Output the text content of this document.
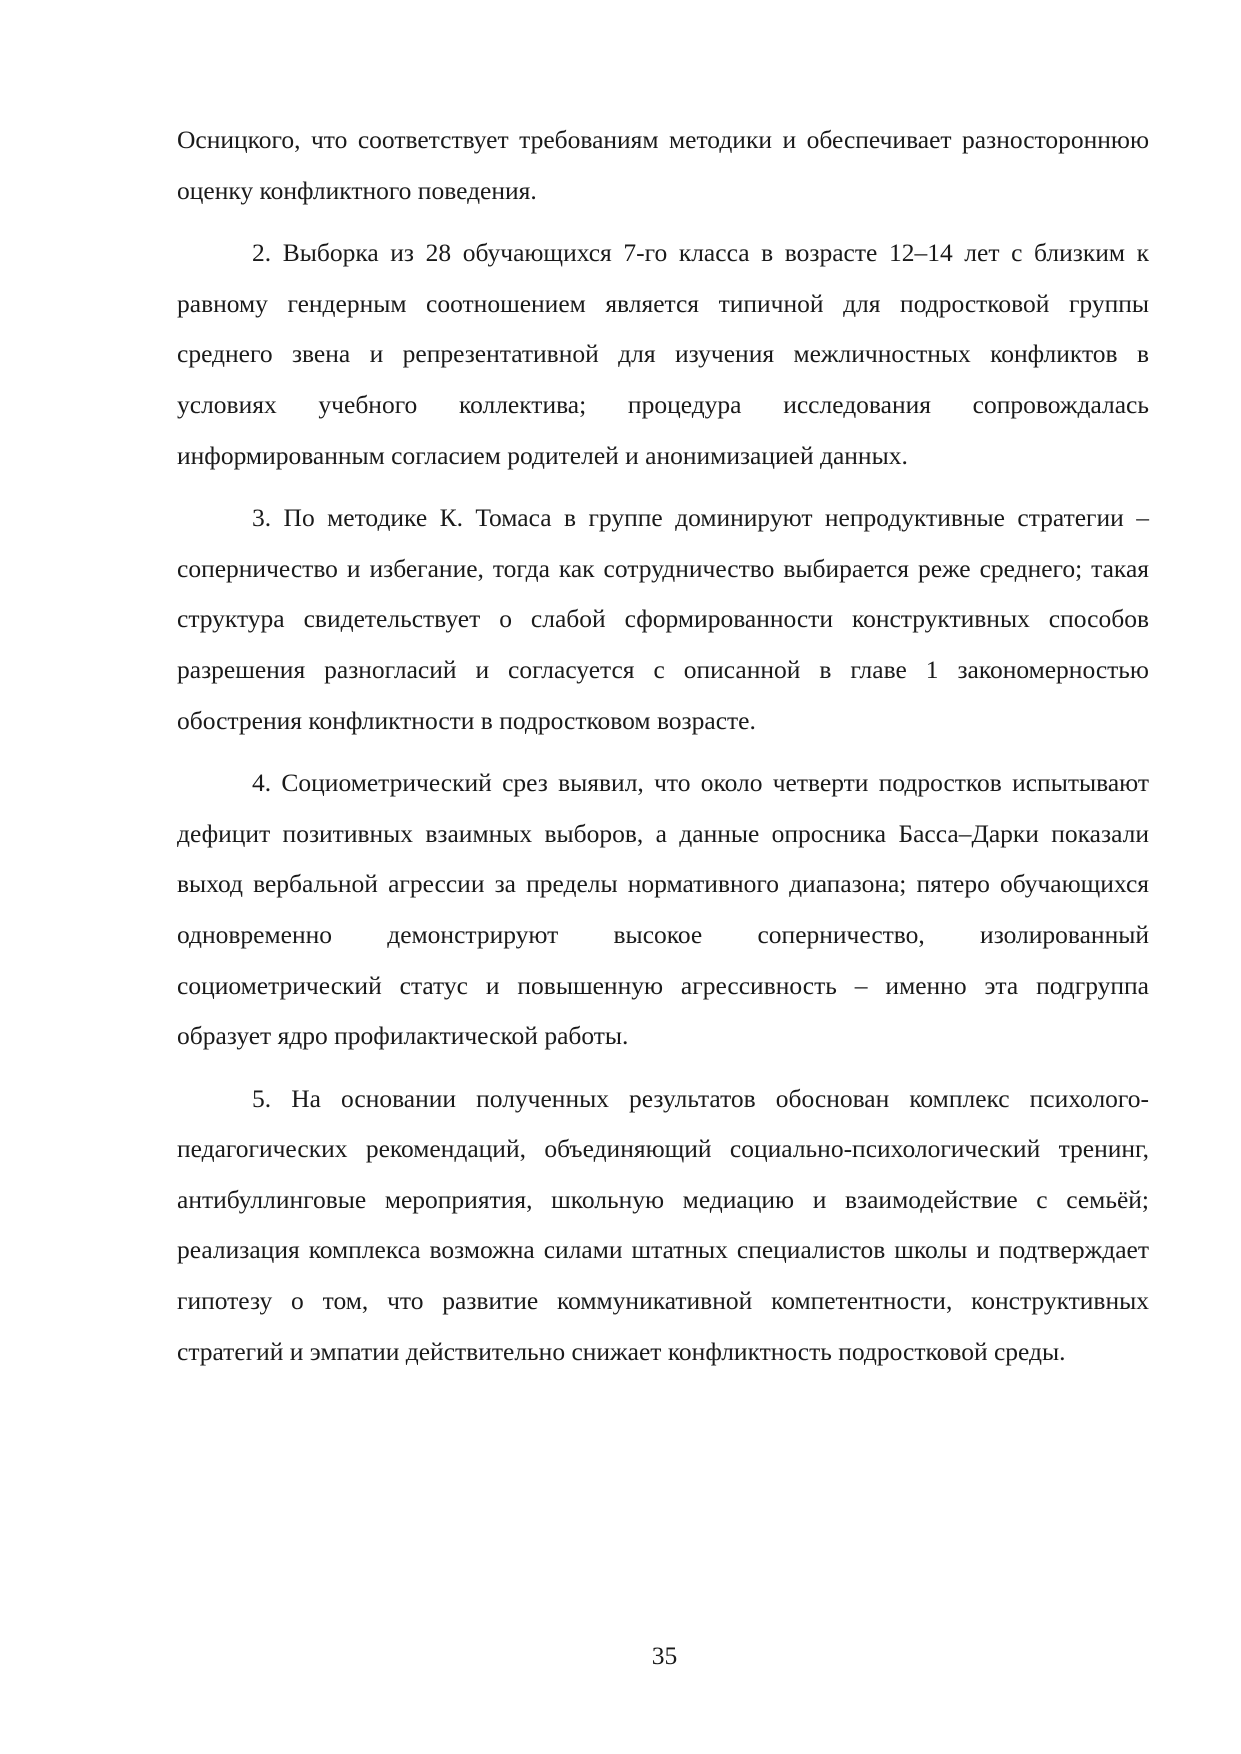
Осницкого, что соответствует требованиям методики и обеспечивает разностороннюю оценку конфликтного поведения.

2. Выборка из 28 обучающихся 7-го класса в возрасте 12–14 лет с близким к равному гендерным соотношением является типичной для подростковой группы среднего звена и репрезентативной для изучения межличностных конфликтов в условиях учебного коллектива; процедура исследования сопровождалась информированным согласием родителей и анонимизацией данных.

3. По методике К. Томаса в группе доминируют непродуктивные стратегии – соперничество и избегание, тогда как сотрудничество выбирается реже среднего; такая структура свидетельствует о слабой сформированности конструктивных способов разрешения разногласий и согласуется с описанной в главе 1 закономерностью обострения конфликтности в подростковом возрасте.

4. Социометрический срез выявил, что около четверти подростков испытывают дефицит позитивных взаимных выборов, а данные опросника Басса–Дарки показали выход вербальной агрессии за пределы нормативного диапазона; пятеро обучающихся одновременно демонстрируют высокое соперничество, изолированный социометрический статус и повышенную агрессивность – именно эта подгруппа образует ядро профилактической работы.

5. На основании полученных результатов обоснован комплекс психолого-педагогических рекомендаций, объединяющий социально-психологический тренинг, антибуллинговые мероприятия, школьную медиацию и взаимодействие с семьёй; реализация комплекса возможна силами штатных специалистов школы и подтверждает гипотезу о том, что развитие коммуникативной компетентности, конструктивных стратегий и эмпатии действительно снижает конфликтность подростковой среды.

35
